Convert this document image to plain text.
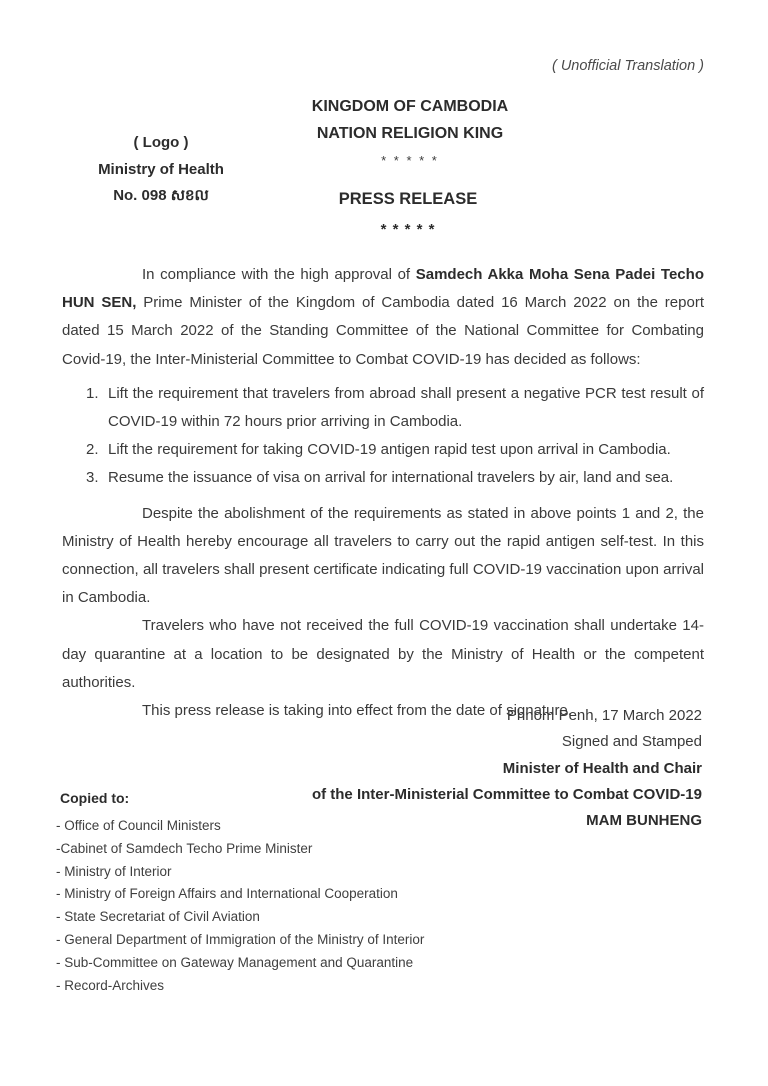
( Unofficial Translation )
KINGDOM OF CAMBODIA
NATION RELIGION KING
* * * * *
( Logo )
Ministry of Health
No. 098 សខល	PRESS RELEASE
* * * * *

In compliance with the high approval of Samdech Akka Moha Sena Padei Techo HUN SEN, Prime Minister of the Kingdom of Cambodia dated 16 March 2022 on the report dated 15 March 2022 of the Standing Committee of the National Committee for Combating Covid-19, the Inter-Ministerial Committee to Combat COVID-19 has decided as follows:

1. Lift the requirement that travelers from abroad shall present a negative PCR test result of COVID-19 within 72 hours prior arriving in Cambodia.
2. Lift the requirement for taking COVID-19 antigen rapid test upon arrival in Cambodia.
3. Resume the issuance of visa on arrival for international travelers by air, land and sea.

Despite the abolishment of the requirements as stated in above points 1 and 2, the Ministry of Health hereby encourage all travelers to carry out the rapid antigen self-test. In this connection, all travelers shall present certificate indicating full COVID-19 vaccination upon arrival in Cambodia.

Travelers who have not received the full COVID-19 vaccination shall undertake 14-day quarantine at a location to be designated by the Ministry of Health or the competent authorities.

This press release is taking into effect from the date of signature.

Phnom Penh, 17 March 2022
Signed and Stamped
Minister of Health and Chair
of the Inter-Ministerial Committee to Combat COVID-19
MAM BUNHENG
Copied to:
- Office of Council Ministers
-Cabinet of Samdech Techo Prime Minister
- Ministry of Interior
- Ministry of Foreign Affairs and International Cooperation
- State Secretariat of Civil Aviation
- General Department of Immigration of the Ministry of Interior
- Sub-Committee on Gateway Management and Quarantine
- Record-Archives
